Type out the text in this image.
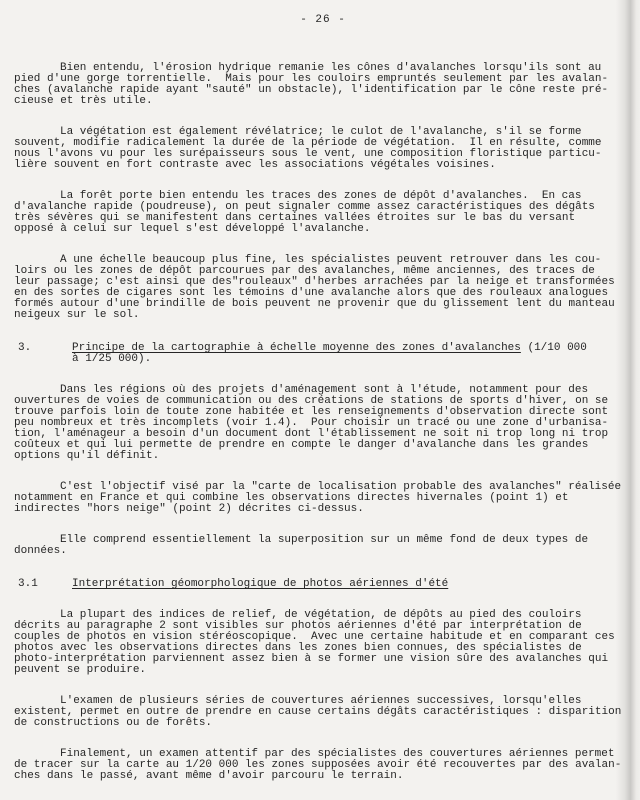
- 26 -
Bien entendu, l'érosion hydrique remanie les cônes d'avalanches lorsqu'ils sont au
pied d'une gorge torrentielle.  Mais pour les couloirs empruntés seulement par les avalan-
ches (avalanche rapide ayant "sauté" un obstacle), l'identification par le cône reste pré-
cieuse et très utile.
La végétation est également révélatrice; le culot de l'avalanche, s'il se forme
souvent, modifie radicalement la durée de la période de végétation.  Il en résulte, comme
nous l'avons vu pour les surépaisseurs sous le vent, une composition floristique particu-
lière souvent en fort contraste avec les associations végétales voisines.
La forêt porte bien entendu les traces des zones de dépôt d'avalanches.  En cas
d'avalanche rapide (poudreuse), on peut signaler comme assez caractéristiques des dégâts
très sévères qui se manifestent dans certaines vallées étroites sur le bas du versant
opposé à celui sur lequel s'est développé l'avalanche.
A une échelle beaucoup plus fine, les spécialistes peuvent retrouver dans les cou-
loirs ou les zones de dépôt parcourues par des avalanches, même anciennes, des traces de
leur passage; c'est ainsi que des"rouleaux" d'herbes arrachées par la neige et transformées
en des sortes de cigares sont les témoins d'une avalanche alors que des rouleaux analogues
formés autour d'une brindille de bois peuvent ne provenir que du glissement lent du manteau
neigeux sur le sol.
3.	Principe de la cartographie à échelle moyenne des zones d'avalanches (1/10 000
à 1/25 000).
Dans les régions où des projets d'aménagement sont à l'étude, notamment pour des
ouvertures de voies de communication ou des créations de stations de sports d'hiver, on se
trouve parfois loin de toute zone habitée et les renseignements d'observation directe sont
peu nombreux et très incomplets (voir 1.4).  Pour choisir un tracé ou une zone d'urbanisa-
tion, l'aménageur a besoin d'un document dont l'établissement ne soit ni trop long ni trop
coûteux et qui lui permette de prendre en compte le danger d'avalanche dans les grandes
options qu'il définit.
C'est l'objectif visé par la "carte de localisation probable des avalanches" réalisée
notamment en France et qui combine les observations directes hivernales (point 1) et
indirectes "hors neige" (point 2) décrites ci-dessus.
Elle comprend essentiellement la superposition sur un même fond de deux types de
données.
3.1	Interprétation géomorphologique de photos aériennes d'été
La plupart des indices de relief, de végétation, de dépôts au pied des couloirs
décrits au paragraphe 2 sont visibles sur photos aériennes d'été par interprétation de
couples de photos en vision stéréoscopique.  Avec une certaine habitude et en comparant ces
photos avec les observations directes dans les zones bien connues, des spécialistes de
photo-interprétation parviennent assez bien à se former une vision sûre des avalanches qui
peuvent se produire.
L'examen de plusieurs séries de couvertures aériennes successives, lorsqu'elles
existent, permet en outre de prendre en cause certains dégâts caractéristiques : disparition
de constructions ou de forêts.
Finalement, un examen attentif par des spécialistes des couvertures aériennes permet
de tracer sur la carte au 1/20 000 les zones supposées avoir été recouvertes par des avalan-
ches dans le passé, avant même d'avoir parcouru le terrain.
